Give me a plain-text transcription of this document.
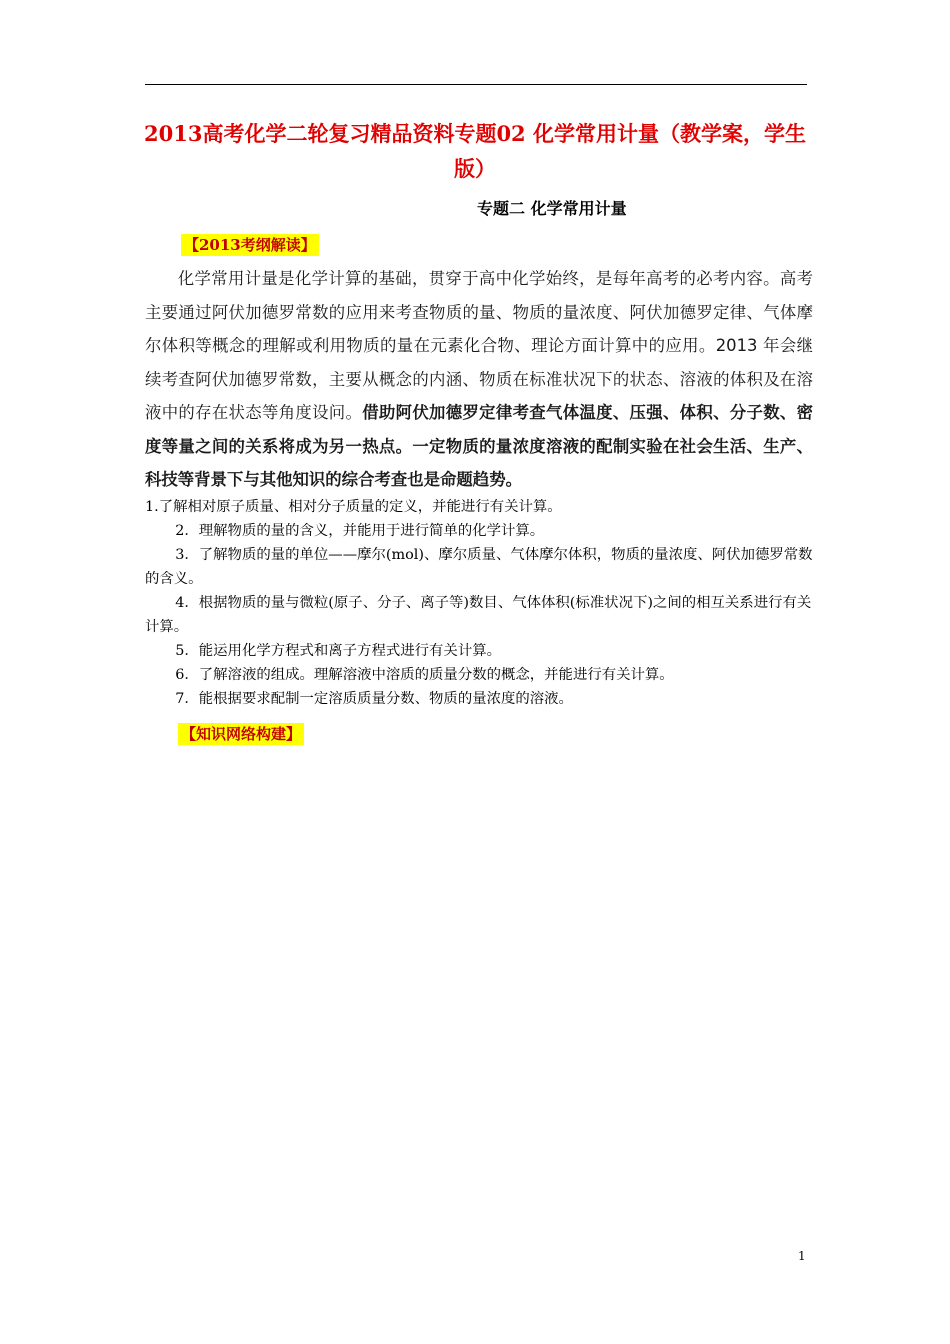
2013高考化学二轮复习精品资料专题02 化学常用计量（教学案，学生版）
专题二 化学常用计量
【2013考纲解读】
化学常用计量是化学计算的基础，贯穿于高中化学始终，是每年高考的必考内容。高考主要通过阿伏加德罗常数的应用来考查物质的量、物质的量浓度、阿伏加德罗定律、气体摩尔体积等概念的理解或利用物质的量在元素化合物、理论方面计算中的应用。2013 年会继续考查阿伏加德罗常数，主要从概念的内涵、物质在标准状况下的状态、溶液的体积及在溶液中的存在状态等角度设问。借助阿伏加德罗定律考查气体温度、压强、体积、分子数、密度等量之间的关系将成为另一热点。一定物质的量浓度溶液的配制实验在社会生活、生产、科技等背景下与其他知识的综合考查也是命题趋势。

1.了解相对原子质量、相对分子质量的定义，并能进行有关计算。

2．理解物质的量的含义，并能用于进行简单的化学计算。

3．了解物质的量的单位——摩尔(mol)、摩尔质量、气体摩尔体积，物质的量浓度、阿伏加德罗常数的含义。

4．根据物质的量与微粒(原子、分子、离子等)数目、气体体积(标准状况下)之间的相互关系进行有关计算。

5．能运用化学方程式和离子方程式进行有关计算。

6．了解溶液的组成。理解溶液中溶质的质量分数的概念，并能进行有关计算。

7．能根据要求配制一定溶质质量分数、物质的量浓度的溶液。

【知识网络构建】
1
